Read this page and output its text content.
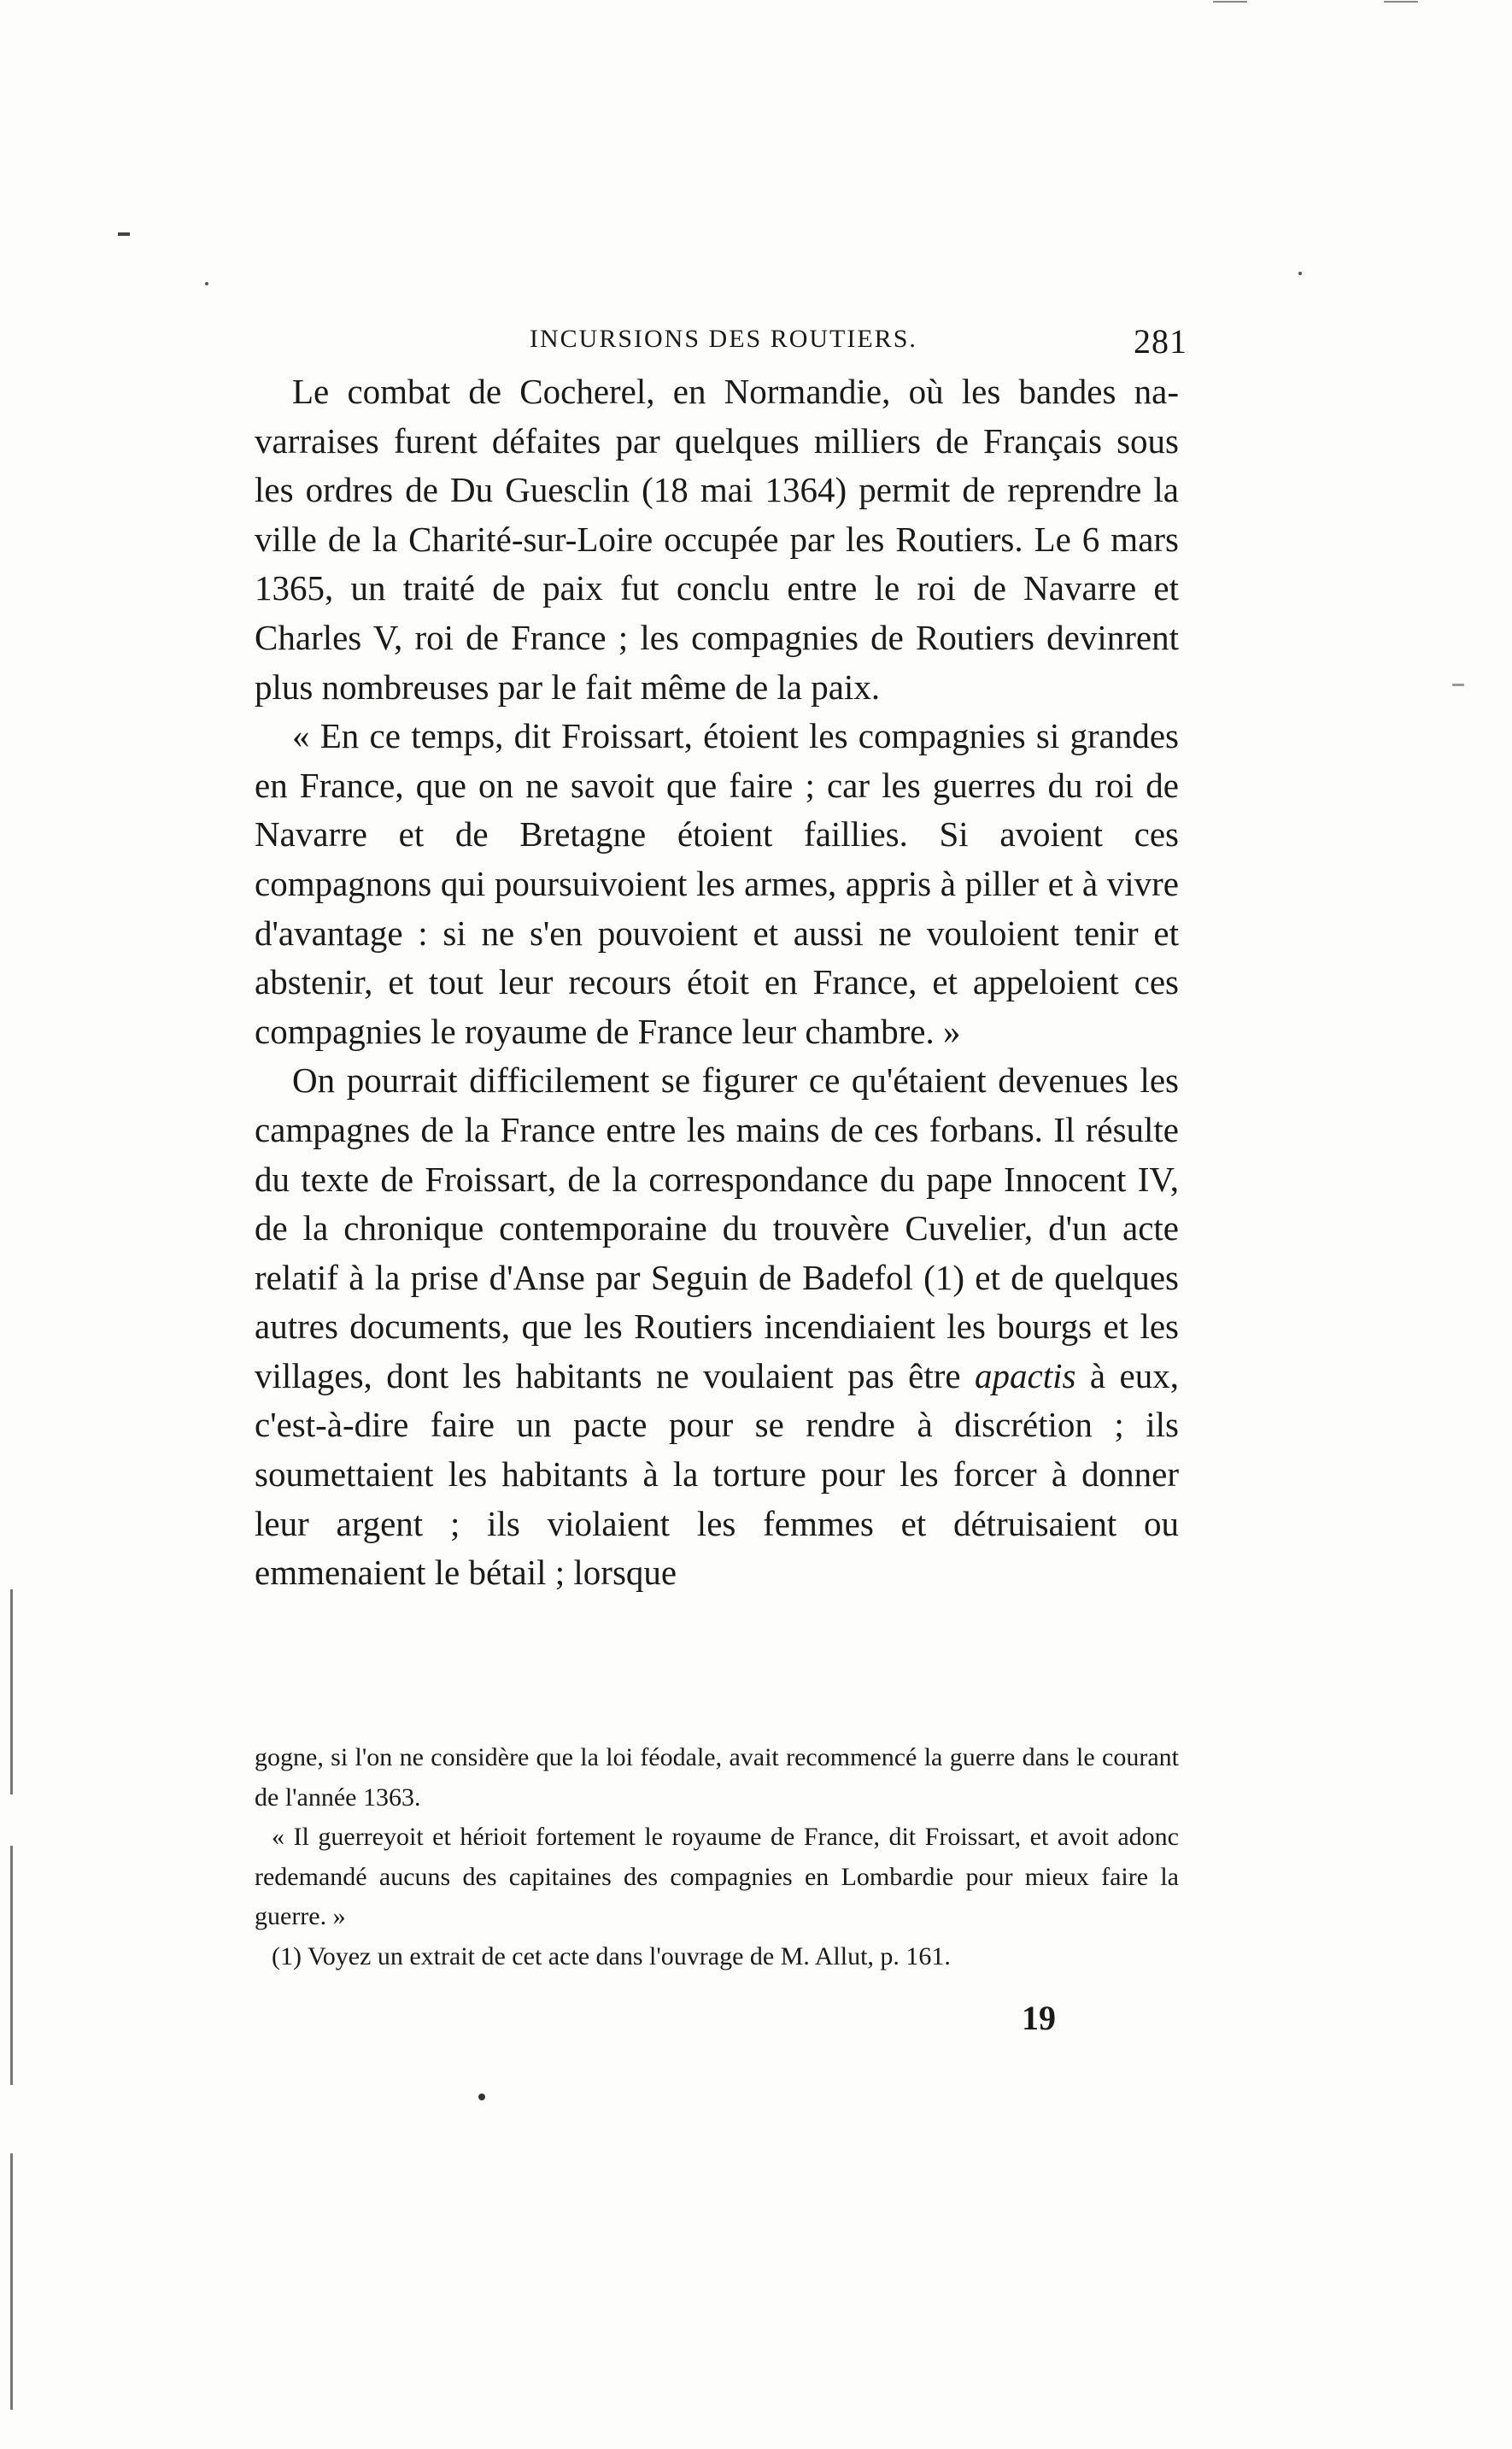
INCURSIONS DES ROUTIERS.	281

Le combat de Cocherel, en Normandie, où les bandes navarraises furent défaites par quelques milliers de Français sous les ordres de Du Guesclin (18 mai 1364) permit de reprendre la ville de la Charité-sur-Loire occupée par les Routiers. Le 6 mars 1365, un traité de paix fut conclu entre le roi de Navarre et Charles V, roi de France ; les compagnies de Routiers devinrent plus nombreuses par le fait même de la paix.

« En ce temps, dit Froissart, étoient les compagnies si grandes en France, que on ne savoit que faire ; car les guerres du roi de Navarre et de Bretagne étoient faillies. Si avoient ces compagnons qui poursuivoient les armes, appris à piller et à vivre d'avantage : si ne s'en pouvoient et aussi ne vouloient tenir et abstenir, et tout leur recours étoit en France, et appeloient ces compagnies le royaume de France leur chambre. »

On pourrait difficilement se figurer ce qu'étaient devenues les campagnes de la France entre les mains de ces forbans. Il résulte du texte de Froissart, de la correspondance du pape Innocent IV, de la chronique contemporaine du trouvère Cuvelier, d'un acte relatif à la prise d'Anse par Seguin de Badefol (1) et de quelques autres documents, que les Routiers incendiaient les bourgs et les villages, dont les habitants ne voulaient pas être apactis à eux, c'est-à-dire faire un pacte pour se rendre à discrétion ; ils soumettaient les habitants à la torture pour les forcer à donner leur argent ; ils violaient les femmes et détruisaient ou emmenaient le bétail ; lorsque

gogne, si l'on ne considère que la loi féodale, avait recommencé la guerre dans le courant de l'année 1363.

« Il guerreyoit et hérioit fortement le royaume de France, dit Froissart, et avoit adonc redemandé aucuns des capitaines des compagnies en Lombardie pour mieux faire la guerre. »

(1) Voyez un extrait de cet acte dans l'ouvrage de M. Allut, p. 161.

19
